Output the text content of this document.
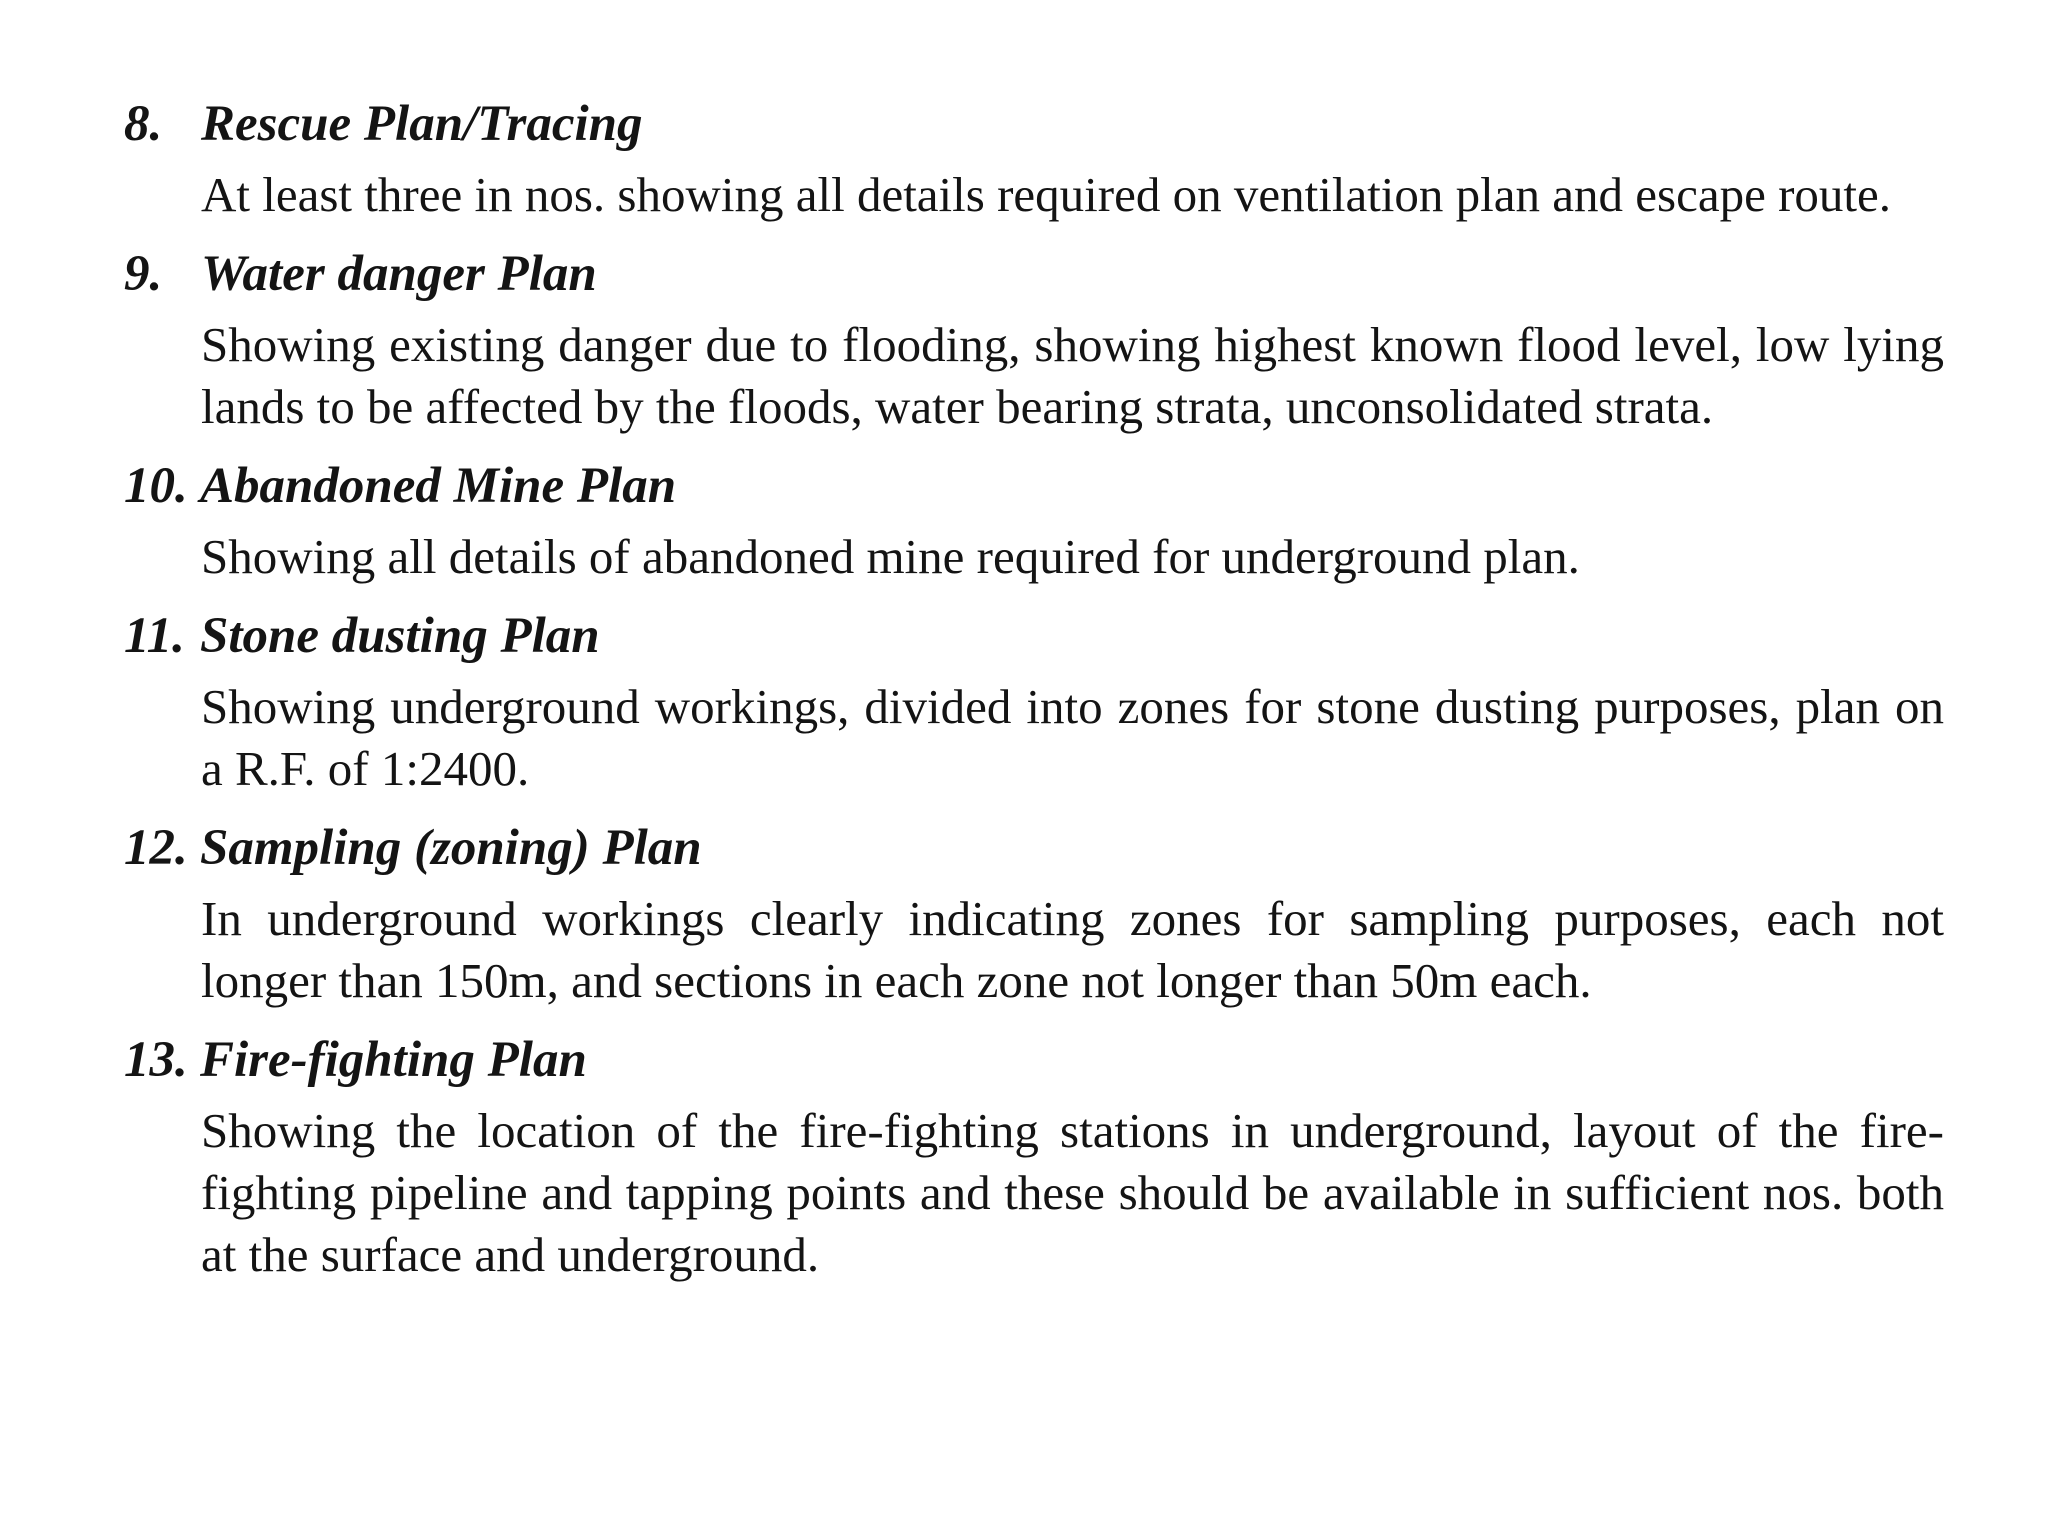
8. Rescue Plan/Tracing
At least three in nos. showing all details required on ventilation plan and escape route.
9. Water danger Plan
Showing existing danger due to flooding, showing highest known flood level, low lying lands to be affected by the floods, water bearing strata, unconsolidated strata.
10. Abandoned Mine Plan
Showing all details of abandoned mine required for underground plan.
11. Stone dusting Plan
Showing underground workings, divided into zones for stone dusting purposes, plan on a R.F. of 1:2400.
12. Sampling (zoning) Plan
In underground workings clearly indicating zones for sampling purposes, each not longer than 150m, and sections in each zone not longer than 50m each.
13. Fire-fighting Plan
Showing the location of the fire-fighting stations in underground, layout of the fire-fighting pipeline and tapping points and these should be available in sufficient nos. both at the surface and underground.
